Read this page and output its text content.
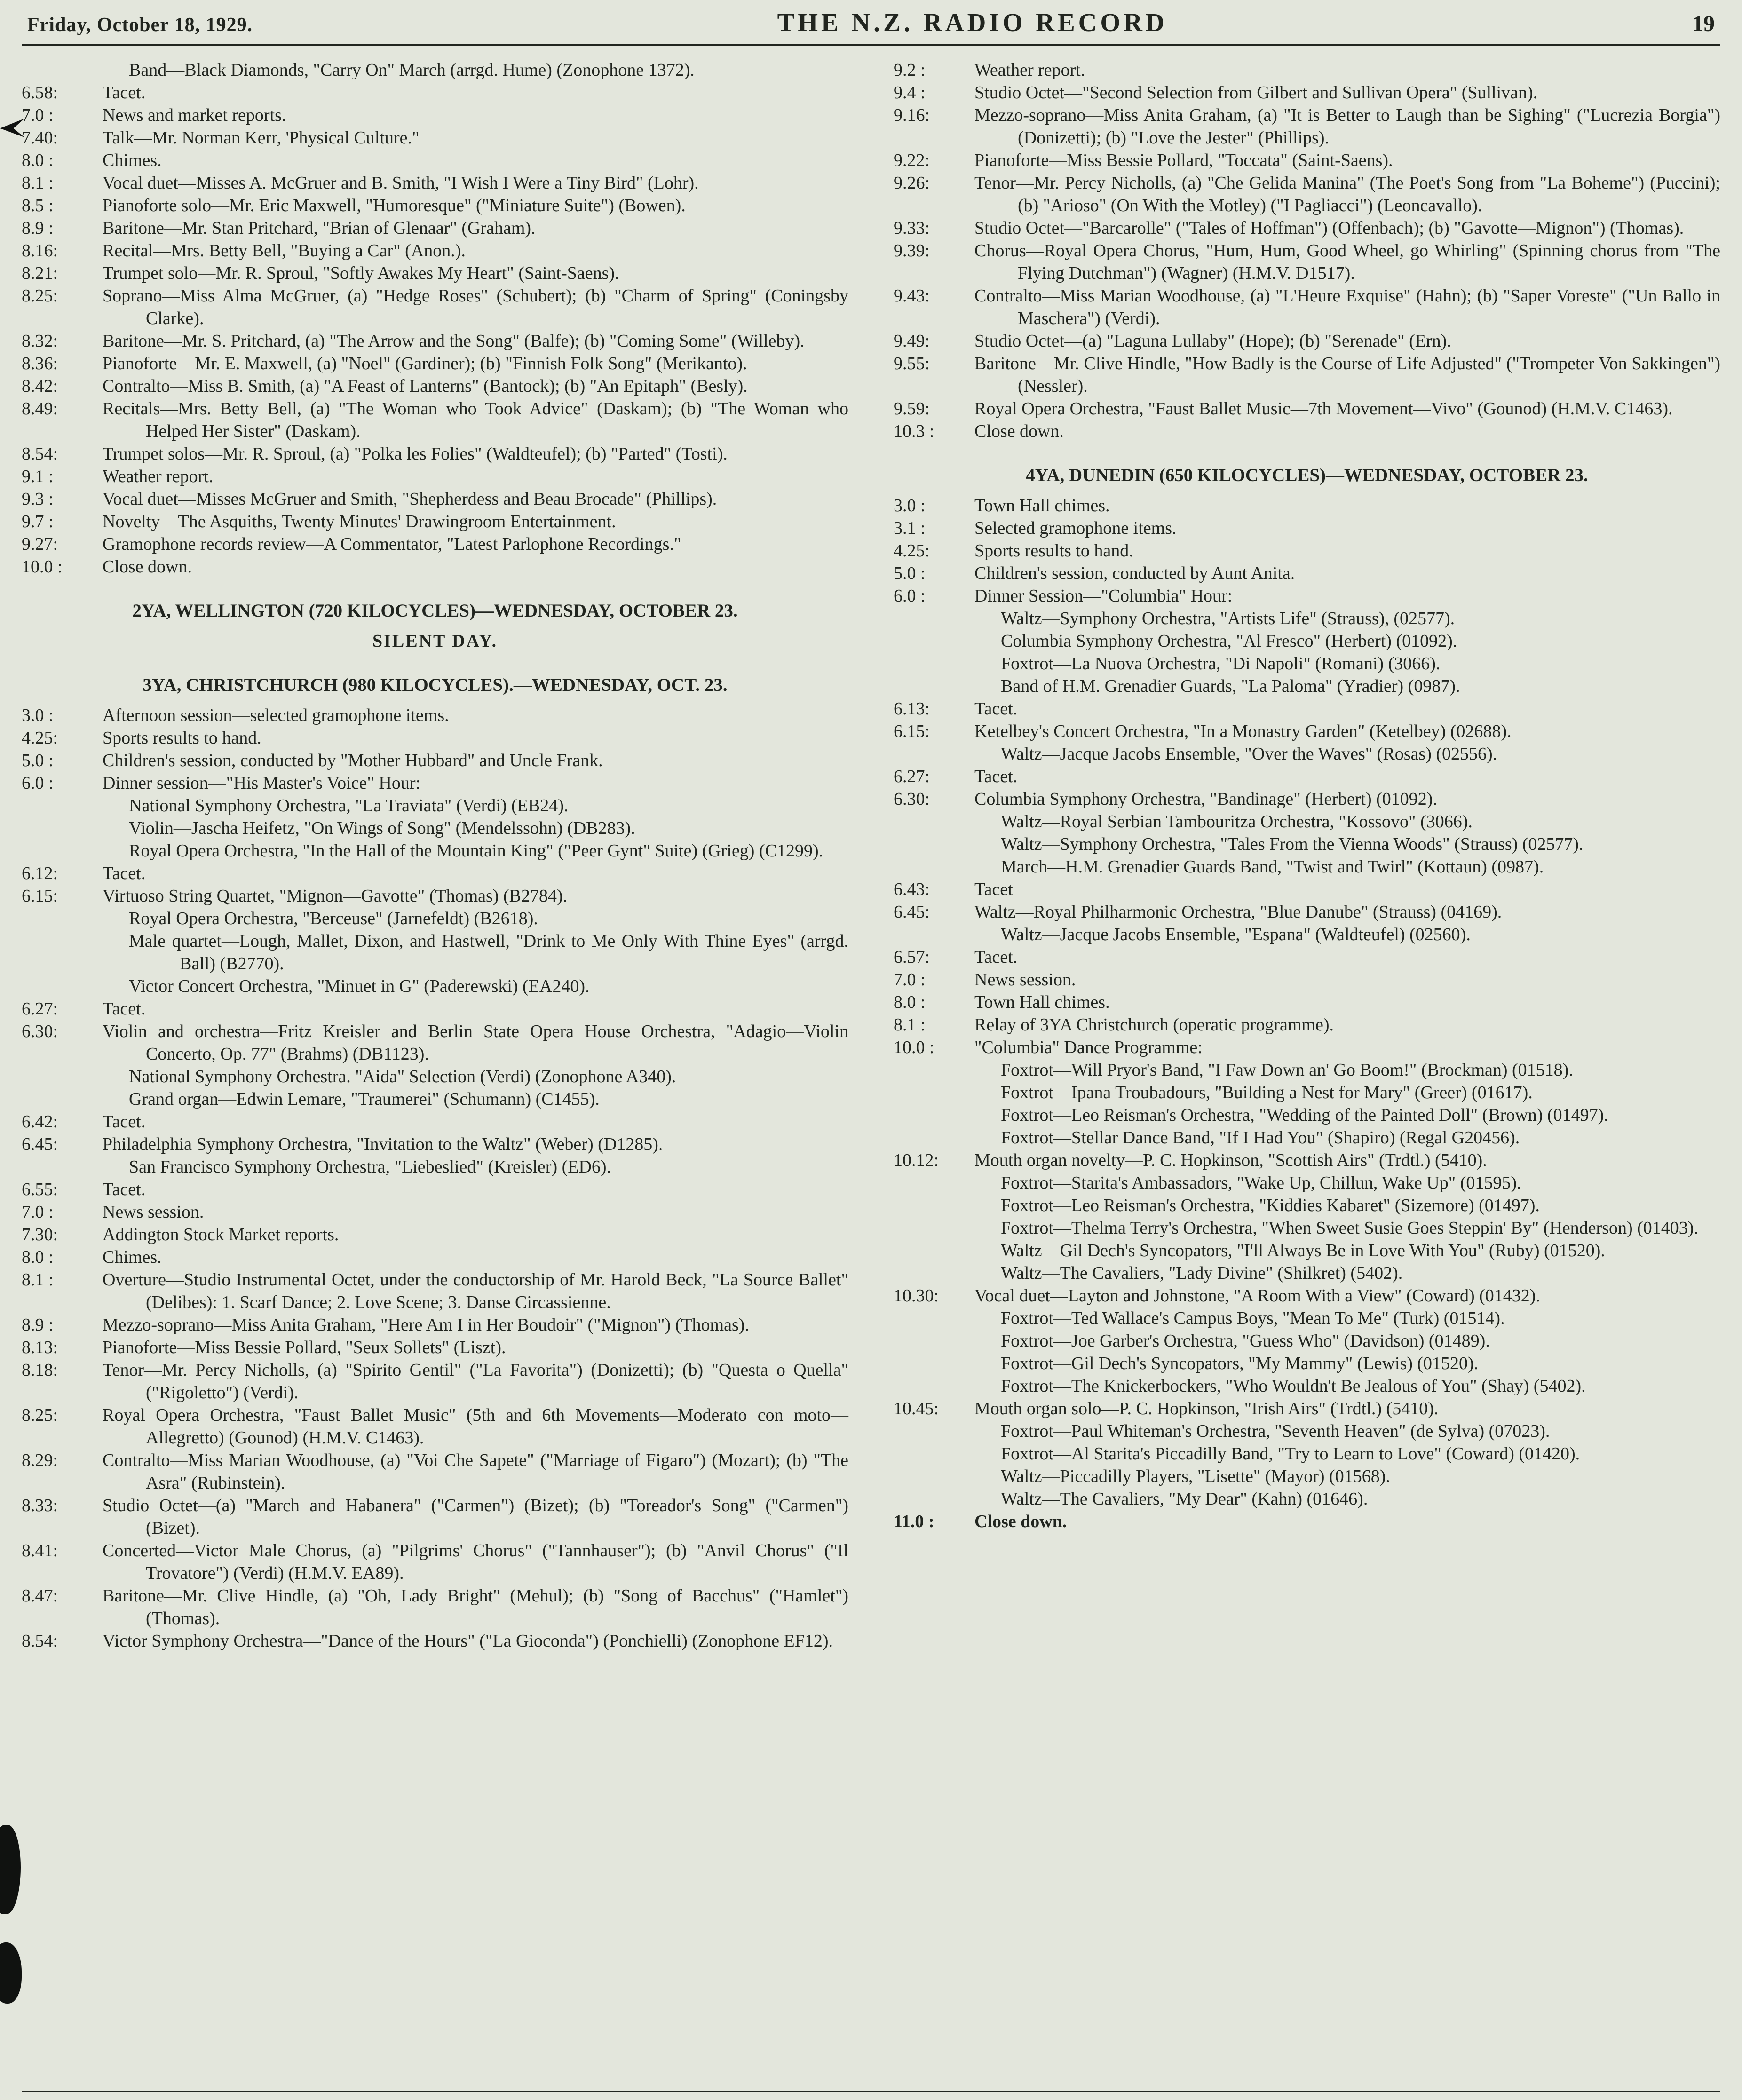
Friday, October 18, 1929.	THE N.Z. RADIO RECORD	19
Band—Black Diamonds, "Carry On" March (arrgd. Hume) (Zonophone 1372).
6.58:	Tacet.
7.0 :	News and market reports.
7.40:	Talk—Mr. Norman Kerr, 'Physical Culture."
8.0 :	Chimes.
8.1 :	Vocal duet—Misses A. McGruer and B. Smith, "I Wish I Were a Tiny Bird" (Lohr).
8.5 :	Pianoforte solo—Mr. Eric Maxwell, "Humoresque" ("Miniature Suite") (Bowen).
8.9 :	Baritone—Mr. Stan Pritchard, "Brian of Glenaar" (Graham).
8.16:	Recital—Mrs. Betty Bell, "Buying a Car" (Anon.).
8.21:	Trumpet solo—Mr. R. Sproul, "Softly Awakes My Heart" (Saint-Saens).
8.25:	Soprano—Miss Alma McGruer, (a) "Hedge Roses" (Schubert); (b) "Charm of Spring" (Coningsby Clarke).
8.32:	Baritone—Mr. S. Pritchard, (a) "The Arrow and the Song" (Balfe); (b) "Coming Some" (Willeby).
8.36:	Pianoforte—Mr. E. Maxwell, (a) "Noel" (Gardiner); (b) "Finnish Folk Song" (Merikanto).
8.42:	Contralto—Miss B. Smith, (a) "A Feast of Lanterns" (Bantock); (b) "An Epitaph" (Besly).
8.49:	Recitals—Mrs. Betty Bell, (a) "The Woman who Took Advice" (Daskam); (b) "The Woman who Helped Her Sister" (Daskam).
8.54:	Trumpet solos—Mr. R. Sproul, (a) "Polka les Folies" (Waldteufel); (b) "Parted" (Tosti).
9.1 :	Weather report.
9.3 :	Vocal duet—Misses McGruer and Smith, "Shepherdess and Beau Brocade" (Phillips).
9.7 :	Novelty—The Asquiths, Twenty Minutes' Drawingroom Entertainment.
9.27:	Gramophone records review—A Commentator, "Latest Parlophone Recordings."
10.0 :	Close down.
2YA, WELLINGTON (720 KILOCYCLES)—WEDNESDAY, OCTOBER 23.
SILENT DAY.
3YA, CHRISTCHURCH (980 KILOCYCLES).—WEDNESDAY, OCT. 23.
3.0 :	Afternoon session—selected gramophone items.
4.25:	Sports results to hand.
5.0 :	Children's session, conducted by "Mother Hubbard" and Uncle Frank.
6.0 :	Dinner session—"His Master's Voice" Hour:
National Symphony Orchestra, "La Traviata" (Verdi) (EB24).
Violin—Jascha Heifetz, "On Wings of Song" (Mendelssohn) (DB283).
Royal Opera Orchestra, "In the Hall of the Mountain King" ("Peer Gynt" Suite) (Grieg) (C1299).
6.12:	Tacet.
6.15:	Virtuoso String Quartet, "Mignon—Gavotte" (Thomas) (B2784).
Royal Opera Orchestra, "Berceuse" (Jarnefeldt) (B2618).
Male quartet—Lough, Mallet, Dixon, and Hastwell, "Drink to Me Only With Thine Eyes" (arrgd. Ball) (B2770).
Victor Concert Orchestra, "Minuet in G" (Paderewski) (EA240).
6.27:	Tacet.
6.30:	Violin and orchestra—Fritz Kreisler and Berlin State Opera House Orchestra, "Adagio—Violin Concerto, Op. 77" (Brahms) (DB1123).
National Symphony Orchestra. "Aida" Selection (Verdi) (Zonophone A340).
Grand organ—Edwin Lemare, "Traumerei" (Schumann) (C1455).
6.42:	Tacet.
6.45:	Philadelphia Symphony Orchestra, "Invitation to the Waltz" (Weber) (D1285).
San Francisco Symphony Orchestra, "Liebeslied" (Kreisler) (ED6).
6.55:	Tacet.
7.0 :	News session.
7.30:	Addington Stock Market reports.
8.0 :	Chimes.
8.1 :	Overture—Studio Instrumental Octet, under the conductorship of Mr. Harold Beck, "La Source Ballet" (Delibes): 1. Scarf Dance; 2. Love Scene; 3. Danse Circassienne.
8.9 :	Mezzo-soprano—Miss Anita Graham, "Here Am I in Her Boudoir" ("Mignon") (Thomas).
8.13:	Pianoforte—Miss Bessie Pollard, "Seux Sollets" (Liszt).
8.18:	Tenor—Mr. Percy Nicholls, (a) "Spirito Gentil" ("La Favorita") (Donizetti); (b) "Questa o Quella" ("Rigoletto") (Verdi).
8.25:	Royal Opera Orchestra, "Faust Ballet Music" (5th and 6th Movements—Moderato con moto—Allegretto) (Gounod) (H.M.V. C1463).
8.29:	Contralto—Miss Marian Woodhouse, (a) "Voi Che Sapete" ("Marriage of Figaro") (Mozart); (b) "The Asra" (Rubinstein).
8.33:	Studio Octet—(a) "March and Habanera" ("Carmen") (Bizet); (b) "Toreador's Song" ("Carmen") (Bizet).
8.41:	Concerted—Victor Male Chorus, (a) "Pilgrims' Chorus" ("Tannhauser"); (b) "Anvil Chorus" ("Il Trovatore") (Verdi) (H.M.V. EA89).
8.47:	Baritone—Mr. Clive Hindle, (a) "Oh, Lady Bright" (Mehul); (b) "Song of Bacchus" ("Hamlet") (Thomas).
8.54:	Victor Symphony Orchestra—"Dance of the Hours" ("La Gioconda") (Ponchielli) (Zonophone EF12).
9.2 :	Weather report.
9.4 :	Studio Octet—"Second Selection from Gilbert and Sullivan Opera" (Sullivan).
9.16:	Mezzo-soprano—Miss Anita Graham, (a) "It is Better to Laugh than be Sighing" ("Lucrezia Borgia") (Donizetti); (b) "Love the Jester" (Phillips).
9.22:	Pianoforte—Miss Bessie Pollard, "Toccata" (Saint-Saens).
9.26:	Tenor—Mr. Percy Nicholls, (a) "Che Gelida Manina" (The Poet's Song from "La Boheme") (Puccini); (b) "Arioso" (On With the Motley) ("I Pagliacci") (Leoncavallo).
9.33:	Studio Octet—"Barcarolle" ("Tales of Hoffman") (Offenbach); (b) "Gavotte—Mignon") (Thomas).
9.39:	Chorus—Royal Opera Chorus, "Hum, Hum, Good Wheel, go Whirling" (Spinning chorus from "The Flying Dutchman") (Wagner) (H.M.V. D1517).
9.43:	Contralto—Miss Marian Woodhouse, (a) "L'Heure Exquise" (Hahn); (b) "Saper Voreste" ("Un Ballo in Maschera") (Verdi).
9.49:	Studio Octet—(a) "Laguna Lullaby" (Hope); (b) "Serenade" (Ern).
9.55:	Baritone—Mr. Clive Hindle, "How Badly is the Course of Life Adjusted" ("Trompeter Von Sakkingen") (Nessler).
9.59:	Royal Opera Orchestra, "Faust Ballet Music—7th Movement—Vivo" (Gounod) (H.M.V. C1463).
10.3 :	Close down.
4YA, DUNEDIN (650 KILOCYCLES)—WEDNESDAY, OCTOBER 23.
3.0 :	Town Hall chimes.
3.1 :	Selected gramophone items.
4.25:	Sports results to hand.
5.0 :	Children's session, conducted by Aunt Anita.
6.0 :	Dinner Session—"Columbia" Hour:
Waltz—Symphony Orchestra, "Artists Life" (Strauss), (02577).
Columbia Symphony Orchestra, "Al Fresco" (Herbert) (01092).
Foxtrot—La Nuova Orchestra, "Di Napoli" (Romani) (3066).
Band of H.M. Grenadier Guards, "La Paloma" (Yradier) (0987).
6.13:	Tacet.
6.15:	Ketelbey's Concert Orchestra, "In a Monastry Garden" (Ketelbey) (02688).
Waltz—Jacque Jacobs Ensemble, "Over the Waves" (Rosas) (02556).
6.27:	Tacet.
6.30:	Columbia Symphony Orchestra, "Bandinage" (Herbert) (01092).
Waltz—Royal Serbian Tambouritza Orchestra, "Kossovo" (3066).
Waltz—Symphony Orchestra, "Tales From the Vienna Woods" (Strauss) (02577).
March—H.M. Grenadier Guards Band, "Twist and Twirl" (Kottaun) (0987).
6.43:	Tacet
6.45:	Waltz—Royal Philharmonic Orchestra, "Blue Danube" (Strauss) (04169).
Waltz—Jacque Jacobs Ensemble, "Espana" (Waldteufel) (02560).
6.57:	Tacet.
7.0 :	News session.
8.0 :	Town Hall chimes.
8.1 :	Relay of 3YA Christchurch (operatic programme).
10.0 :	"Columbia" Dance Programme:
Foxtrot—Will Pryor's Band, "I Faw Down an' Go Boom!" (Brockman) (01518).
Foxtrot—Ipana Troubadours, "Building a Nest for Mary" (Greer) (01617).
Foxtrot—Leo Reisman's Orchestra, "Wedding of the Painted Doll" (Brown) (01497).
Foxtrot—Stellar Dance Band, "If I Had You" (Shapiro) (Regal G20456).
10.12:	Mouth organ novelty—P. C. Hopkinson, "Scottish Airs" (Trdtl.) (5410).
Foxtrot—Starita's Ambassadors, "Wake Up, Chillun, Wake Up" (01595).
Foxtrot—Leo Reisman's Orchestra, "Kiddies Kabaret" (Sizemore) (01497).
Foxtrot—Thelma Terry's Orchestra, "When Sweet Susie Goes Steppin' By" (Henderson) (01403).
Waltz—Gil Dech's Syncopators, "I'll Always Be in Love With You" (Ruby) (01520).
Waltz—The Cavaliers, "Lady Divine" (Shilkret) (5402).
10.30:	Vocal duet—Layton and Johnstone, "A Room With a View" (Coward) (01432).
Foxtrot—Ted Wallace's Campus Boys, "Mean To Me" (Turk) (01514).
Foxtrot—Joe Garber's Orchestra, "Guess Who" (Davidson) (01489).
Foxtrot—Gil Dech's Syncopators, "My Mammy" (Lewis) (01520).
Foxtrot—The Knickerbockers, "Who Wouldn't Be Jealous of You" (Shay) (5402).
10.45:	Mouth organ solo—P. C. Hopkinson, "Irish Airs" (Trdtl.) (5410).
Foxtrot—Paul Whiteman's Orchestra, "Seventh Heaven" (de Sylva) (07023).
Foxtrot—Al Starita's Piccadilly Band, "Try to Learn to Love" (Coward) (01420).
Waltz—Piccadilly Players, "Lisette" (Mayor) (01568).
Waltz—The Cavaliers, "My Dear" (Kahn) (01646).
11.0 :	Close down.
